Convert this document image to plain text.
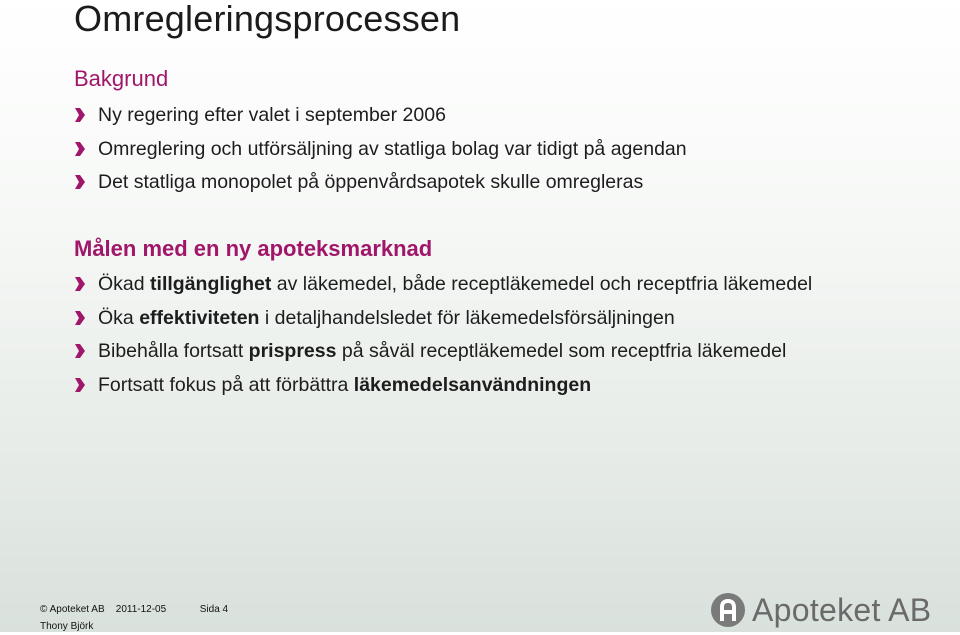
Omregleringsprocessen
Bakgrund
Ny regering efter valet i september 2006
Omreglering och utförsäljning av statliga bolag var tidigt på agendan
Det statliga monopolet på öppenvårdsapotek skulle omregleras
Målen med en ny apoteksmarknad
Ökad tillgänglighet av läkemedel, både receptläkemedel och receptfria läkemedel
Öka effektiviteten i detaljhandelsledet för läkemedelsförsäljningen
Bibehålla fortsatt prispress på såväl receptläkemedel som receptfria läkemedel
Fortsatt fokus på att förbättra läkemedelsanvändningen
© Apoteket AB 2011-12-05	Sida 4
Thony Björk	Apoteket AB
